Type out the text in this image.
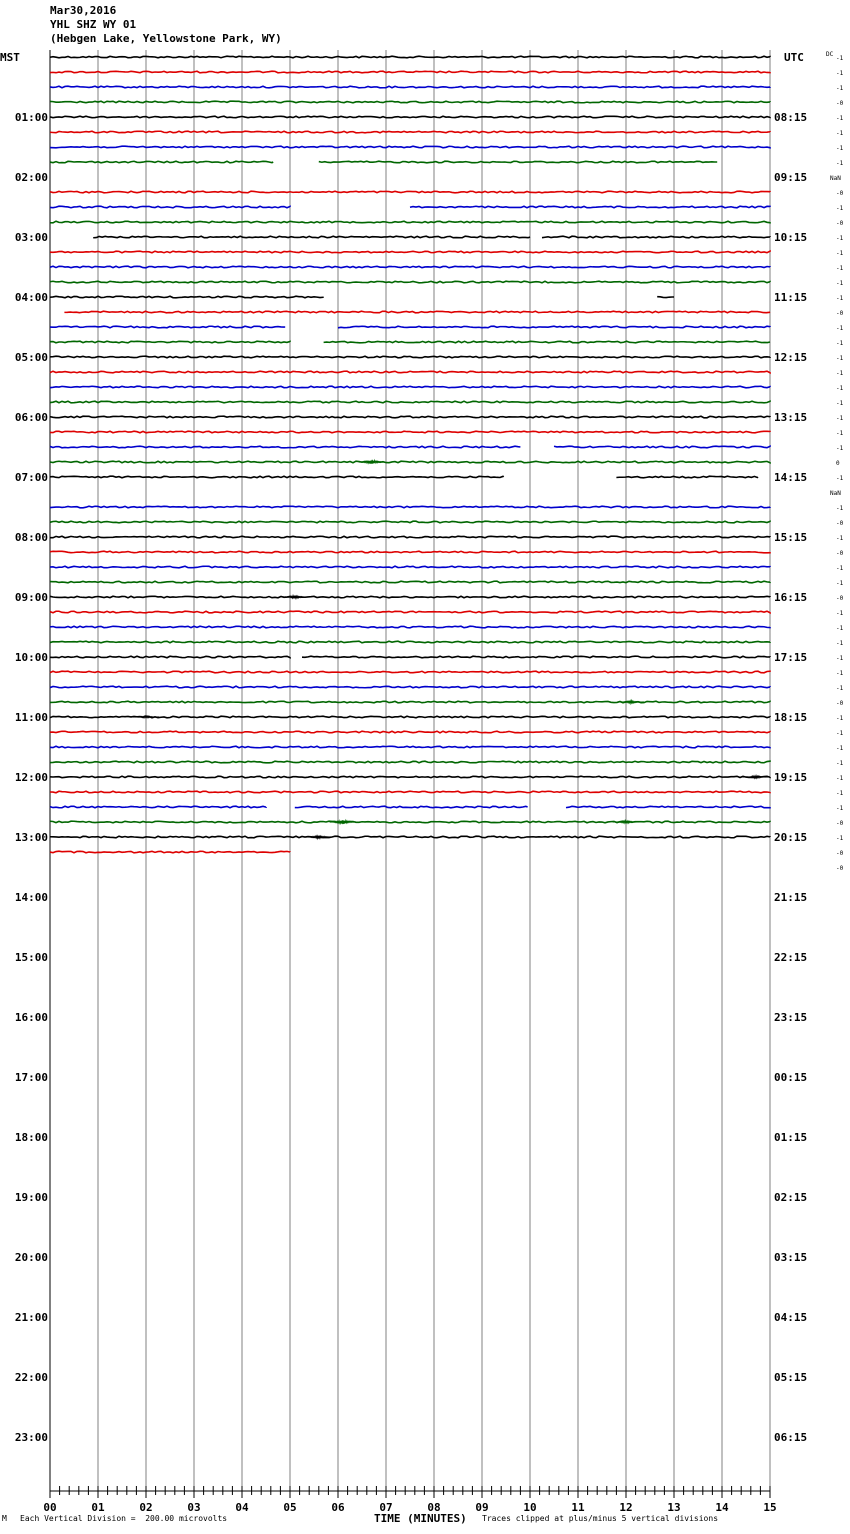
Mar30,2016
YHL SHZ WY 01
(Hebgen Lake, Yellowstone Park, WY)
00	01	02	03	04	05	06	07	08	09	10	11	12	13	14	15
MST	UTC	DC
01:00
02:00
03:00
04:00
05:00
06:00
07:00
08:00
09:00
10:00
11:00
12:00
13:00
14:00
15:00
16:00
17:00
18:00
19:00
20:00
21:00
22:00
23:00
08:15
09:15
10:15
11:15
12:15
13:15
14:15
15:15
16:15
17:15
18:15
19:15
20:15
21:15
22:15
23:15
00:15
01:15
02:15
03:15
04:15
05:15
06:15
-1
-1
-1
-0
-1
-1
-1
-1
NaN
-0
-1
-0
-1
-1
-1
-1
-1
-0
-1
-1
-1
-1
-1
-1
-1
-1
-1
0
-1
NaN
-1
-0
-1
-0
-1
-1
-0
-1
-1
-1
-1
-1
-1
-0
-1
-1
-1
-1
-1
-1
-1
-0
-1
-0
-0
TIME (MINUTES)
M Each Vertical Division =  200.00 microvolts	Traces clipped at plus/minus 5 vertical divisions
